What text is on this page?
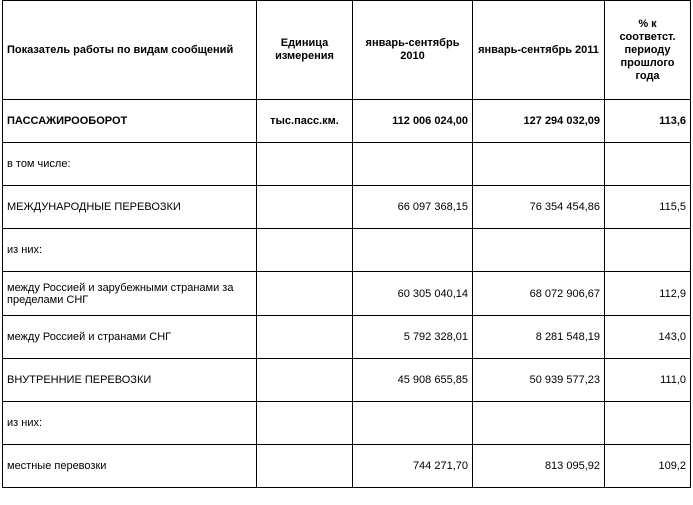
Показатель работы по видам сообщений	Единица измерения	январь-сентябрь 2010	январь-сентябрь 2011	% к соответст. периоду прошлого года
ПАССАЖИРООБОРОТ	тыс.пасс.км.	112 006 024,00	127 294 032,09	113,6
в том числе:				
МЕЖДУНАРОДНЫЕ ПЕРЕВОЗКИ		66 097 368,15	76 354 454,86	115,5
из них:				
между Россией и зарубежными странами за пределами СНГ		60 305 040,14	68 072 906,67	112,9
между Россией и странами СНГ		5 792 328,01	8 281 548,19	143,0
ВНУТРЕННИЕ ПЕРЕВОЗКИ		45 908 655,85	50 939 577,23	111,0
из них:				
местные перевозки		744 271,70	813 095,92	109,2
